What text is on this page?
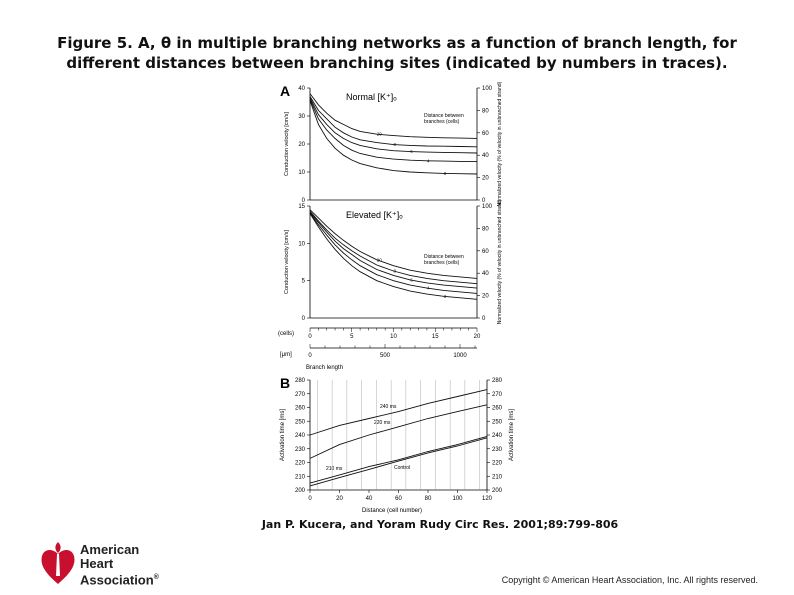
Figure 5. A, θ in multiple branching networks as a function of branch length, for different distances between branching sites (indicated by numbers in traces).
A
B
Normal [K⁺]ₒ
Distance between
branches (cells)
Elevated [K⁺]ₒ
Distance between
branches (cells)
(cells)
[μm]
Branch length
240 ms
220 ms
Control
210 ms
Distance (cell number)
0
10
20
30
40
0
20
40
60
80
100
Conduction velocity [cm/s]	Normalized velocity (% of velocity in unbranched strand)
20
8
6
4
3
0
5
10
15
0
20
40
60
80
100
Conduction velocity [cm/s]	Normalized velocity (% of velocity in unbranched strand)
20
8
6
4
3
0	5	10	15	20
0	500	1000
200	200
210	210
220	220
230	230
240	240
250	250
260	260
270	270
280	280
0	20	40	60	80	100	120
Activation time [ms]	Activation time [ms]
Jan P. Kucera, and Yoram Rudy Circ Res. 2001;89:799-806
American
Heart
Association®	Copyright © American Heart Association, Inc. All rights reserved.
